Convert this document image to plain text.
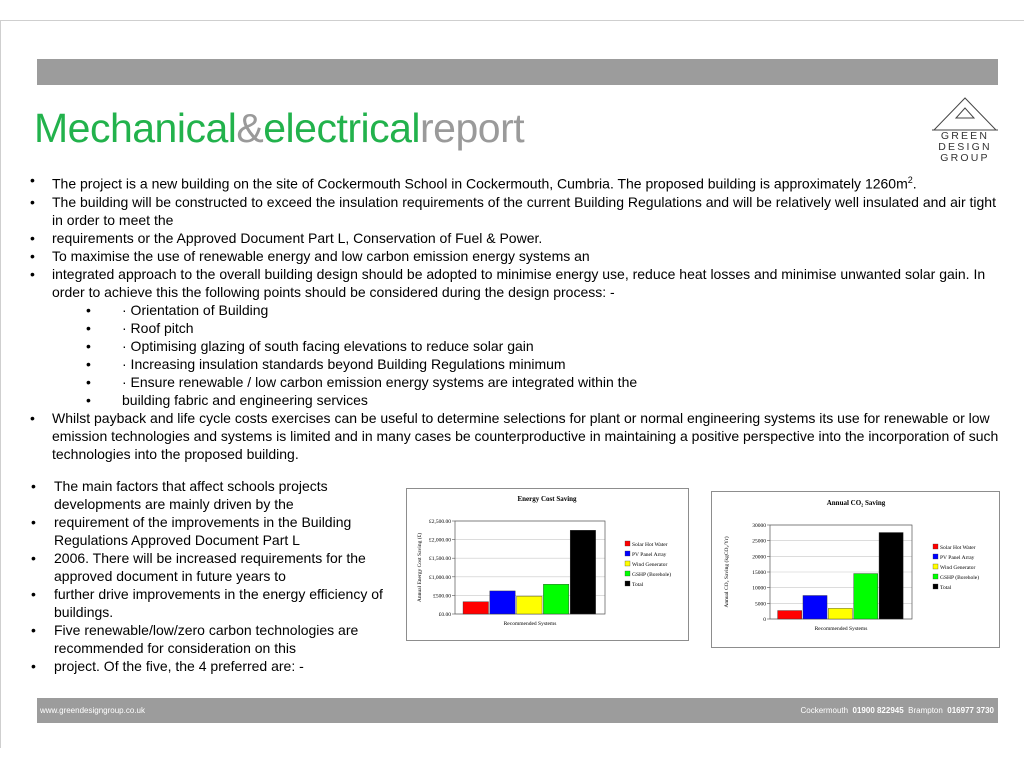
Mechanical&electricalreport	GREEN
DESIGN
GROUP
• The project is a new building on the site of Cockermouth School in Cockermouth, Cumbria. The proposed building is approximately $1260m^2$.
• The building will be constructed to exceed the insulation requirements of the current Building Regulations and will be relatively well insulated and air tight in order to meet the
• requirements or the Approved Document Part L, Conservation of Fuel & Power.
• To maximise the use of renewable energy and low carbon emission energy systems an
• integrated approach to the overall building design should be adopted to minimise energy use, reduce heat losses and minimise unwanted solar gain. In order to achieve this the following points should be considered during the design process: -
• · Orientation of Building
• · Roof pitch
• · Optimising glazing of south facing elevations to reduce solar gain
• · Increasing insulation standards beyond Building Regulations minimum
• · Ensure renewable / low carbon emission energy systems are integrated within the
• building fabric and engineering services
• Whilst payback and life cycle costs exercises can be useful to determine selections for plant or normal engineering systems its use for renewable or low emission technologies and systems is limited and in many cases be counterproductive in maintaining a positive perspective into the incorporation of such technologies into the proposed building.
• The main factors that affect schools projects developments are mainly driven by the
• requirement of the improvements in the Building Regulations Approved Document Part L
• 2006. There will be increased requirements for the approved document in future years to
• further drive improvements in the energy efficiency of buildings.
• Five renewable/low/zero carbon technologies are recommended for consideration on this
• project. Of the five, the 4 preferred are: -
Energy Cost Saving
£0.00
£500.00
£1,000.00
£1,500.00
£2,000.00
£2,500.00
Recommended Systems
Annual Energy Cost Saving (£)	Solar Hot Water
PV Panel Array
Wind Generator
GSHP (Borehole)
Total
Annual CO₂ Saving
0
5000
10000
15000
20000
25000
30000
Recommended Systems
Annual CO₂ Saving (kgCO₂/Yr)	Solar Hot Water
PV Panel Array
Wind Generator
GSHP (Borehole)
Total
www.greendesigngroup.co.uk	Cockermouth 01900 822945 Brampton 016977 3730
